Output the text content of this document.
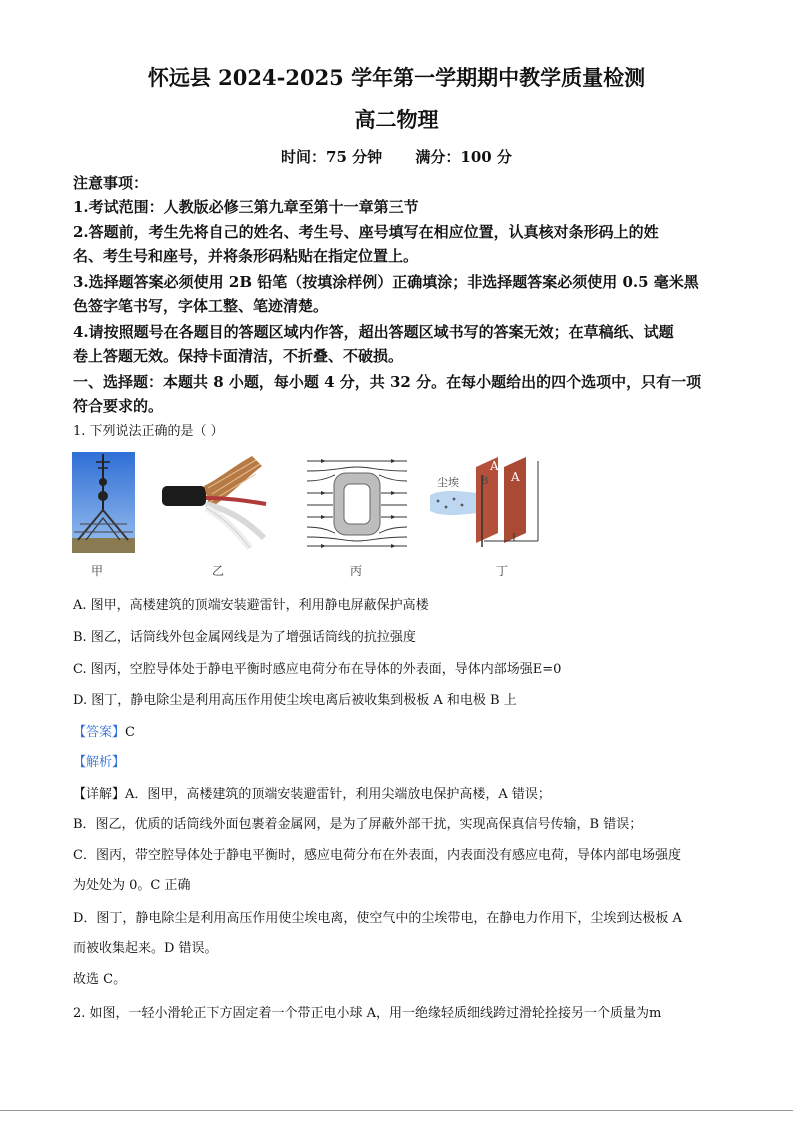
怀远县 2024-2025 学年第一学期期中教学质量检测
高二物理
时间：75 分钟 满分：100 分
注意事项：
1.考试范围：人教版必修三第九章至第十一章第三节
2.答题前，考生先将自己的姓名、考生号、座号填写在相应位置，认真核对条形码上的姓
名、考生号和座号，并将条形码粘贴在指定位置上。
3.选择题答案必须使用 2B 铅笔（按填涂样例）正确填涂；非选择题答案必须使用 0.5 毫米黑
色签字笔书写，字体工整、笔迹清楚。
4.请按照题号在各题目的答题区域内作答，超出答题区域书写的答案无效；在草稿纸、试题
卷上答题无效。保持卡面清洁，不折叠、不破损。
一、选择题：本题共 8 小题，每小题 4 分，共 32 分。在每小题给出的四个选项中，只有一项
符合要求的。
1. 下列说法正确的是（ ）
尘埃
A
A
B
甲	乙	丙	丁
A. 图甲，高楼建筑的顶端安装避雷针，利用静电屏蔽保护高楼
B. 图乙，话筒线外包金属网线是为了增强话筒线的抗拉强度
C. 图丙，空腔导体处于静电平衡时感应电荷分布在导体的外表面，导体内部场强E=0
D. 图丁，静电除尘是利用高压作用使尘埃电离后被收集到极板 A 和电极 B 上
【答案】C
【解析】
【详解】A．图甲，高楼建筑的顶端安装避雷针，利用尖端放电保护高楼，A 错误；
B．图乙，优质的话筒线外面包裹着金属网，是为了屏蔽外部干扰，实现高保真信号传输，B 错误；
C．图丙，带空腔导体处于静电平衡时，感应电荷分布在外表面，内表面没有感应电荷，导体内部电场强度
为处处为 0。C 正确
D．图丁，静电除尘是利用高压作用使尘埃电离，使空气中的尘埃带电，在静电力作用下，尘埃到达极板 A
而被收集起来。D 错误。
故选 C。
2. 如图，一轻小滑轮正下方固定着一个带正电小球 A，用一绝缘轻质细线跨过滑轮拴接另一个质量为m
